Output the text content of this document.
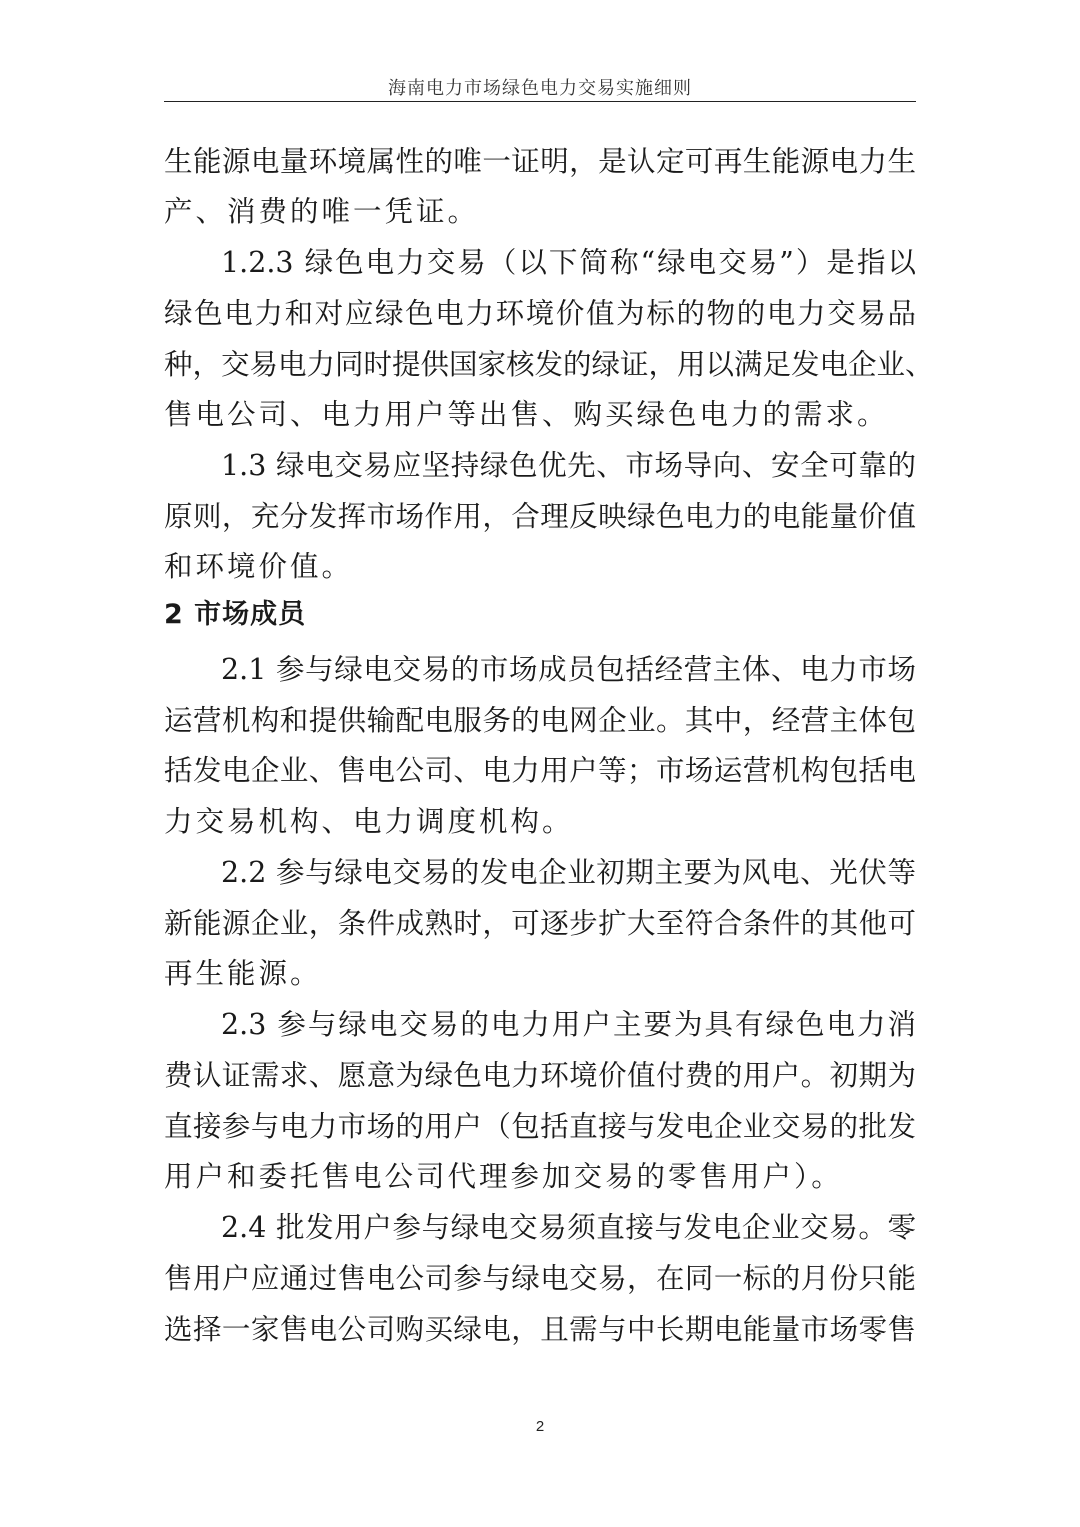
海南电力市场绿色电力交易实施细则
生能源电量环境属性的唯一证明，是认定可再生能源电力生
产、消费的唯一凭证。
1.2.3 绿色电力交易（以下简称“绿电交易”）是指以
绿色电力和对应绿色电力环境价值为标的物的电力交易品
种，交易电力同时提供国家核发的绿证，用以满足发电企业、
售电公司、电力用户等出售、购买绿色电力的需求。
1.3 绿电交易应坚持绿色优先、市场导向、安全可靠的
原则，充分发挥市场作用，合理反映绿色电力的电能量价值
和环境价值。
2 市场成员
2.1 参与绿电交易的市场成员包括经营主体、电力市场
运营机构和提供输配电服务的电网企业。其中，经营主体包
括发电企业、售电公司、电力用户等；市场运营机构包括电
力交易机构、电力调度机构。
2.2 参与绿电交易的发电企业初期主要为风电、光伏等
新能源企业，条件成熟时，可逐步扩大至符合条件的其他可
再生能源。
2.3 参与绿电交易的电力用户主要为具有绿色电力消
费认证需求、愿意为绿色电力环境价值付费的用户。初期为
直接参与电力市场的用户（包括直接与发电企业交易的批发
用户和委托售电公司代理参加交易的零售用户）。
2.4 批发用户参与绿电交易须直接与发电企业交易。零
售用户应通过售电公司参与绿电交易，在同一标的月份只能
选择一家售电公司购买绿电，且需与中长期电能量市场零售
2
